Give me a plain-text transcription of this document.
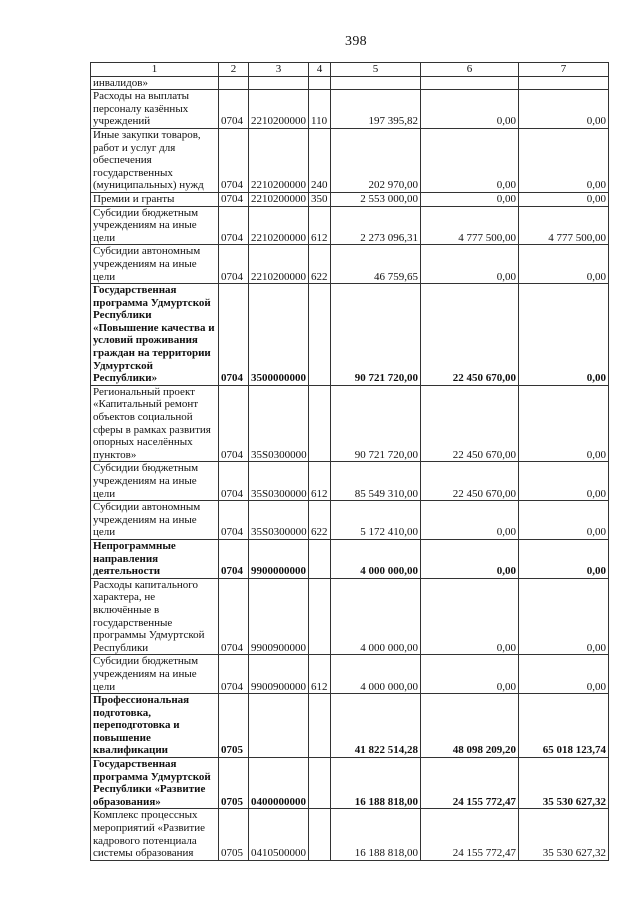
398
1	2	3	4	5	6	7
инвалидов»						
Расходы на выплаты персоналу казённых учреждений	0704	2210200000	110	197 395,82	0,00	0,00
Иные закупки товаров, работ и услуг для обеспечения государственных (муниципальных) нужд	0704	2210200000	240	202 970,00	0,00	0,00
Премии и гранты	0704	2210200000	350	2 553 000,00	0,00	0,00
Субсидии бюджетным учреждениям на иные цели	0704	2210200000	612	2 273 096,31	4 777 500,00	4 777 500,00
Субсидии автономным учреждениям на иные цели	0704	2210200000	622	46 759,65	0,00	0,00
Государственная программа Удмуртской Республики «Повышение качества и условий проживания граждан на территории Удмуртской Республики»	0704	3500000000		90 721 720,00	22 450 670,00	0,00
Региональный проект «Капитальный ремонт объектов социальной сферы в рамках развития опорных населённых пунктов»	0704	35S0300000		90 721 720,00	22 450 670,00	0,00
Субсидии бюджетным учреждениям на иные цели	0704	35S0300000	612	85 549 310,00	22 450 670,00	0,00
Субсидии автономным учреждениям на иные цели	0704	35S0300000	622	5 172 410,00	0,00	0,00
Непрограммные направления деятельности	0704	9900000000		4 000 000,00	0,00	0,00
Расходы капитального характера, не включённые в государственные программы Удмуртской Республики	0704	9900900000		4 000 000,00	0,00	0,00
Субсидии бюджетным учреждениям на иные цели	0704	9900900000	612	4 000 000,00	0,00	0,00
Профессиональная подготовка, переподготовка и повышение квалификации	0705			41 822 514,28	48 098 209,20	65 018 123,74
Государственная программа Удмуртской Республики «Развитие образования»	0705	0400000000		16 188 818,00	24 155 772,47	35 530 627,32
Комплекс процессных мероприятий «Развитие кадрового потенциала системы образования	0705	0410500000		16 188 818,00	24 155 772,47	35 530 627,32
